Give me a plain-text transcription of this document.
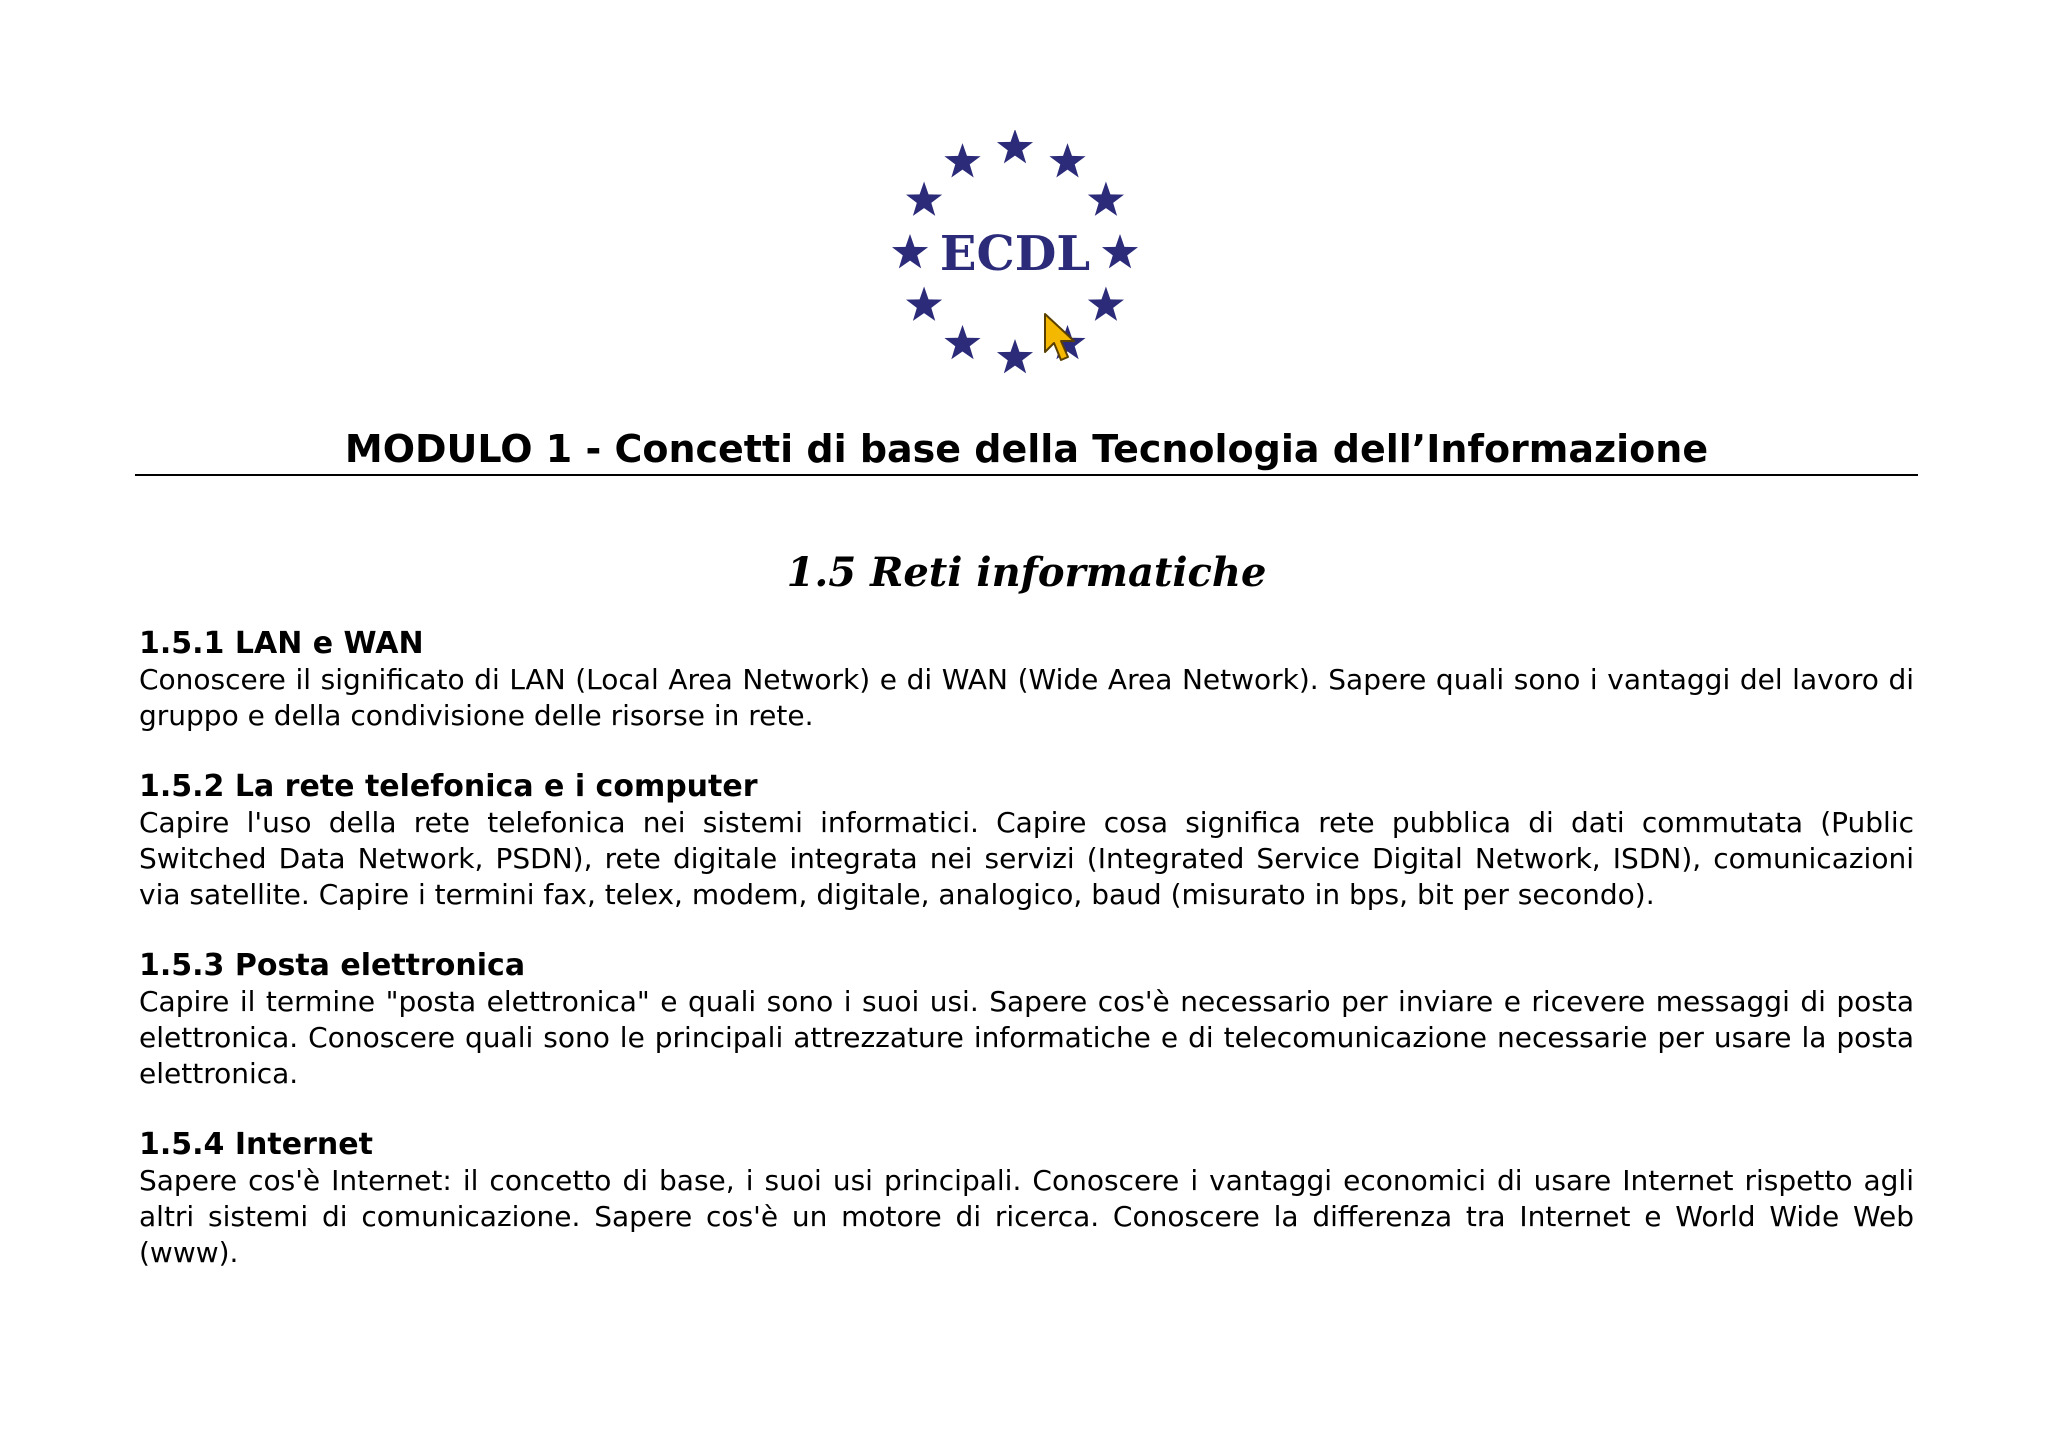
ECDL
MODULO 1 - Concetti di base della Tecnologia dell’Informazione
1.5 Reti informatiche
1.5.1 LAN e WAN
Conoscere il significato di LAN (Local Area Network) e di WAN (Wide Area Network). Sapere quali sono i vantaggi del lavoro di gruppo e della condivisione delle risorse in rete.
1.5.2 La rete telefonica e i computer
Capire l'uso della rete telefonica nei sistemi informatici. Capire cosa significa rete pubblica di dati commutata (Public Switched Data Network, PSDN), rete digitale integrata nei servizi (Integrated Service Digital Network, ISDN), comunicazioni via satellite. Capire i termini fax, telex, modem, digitale, analogico, baud (misurato in bps, bit per secondo).
1.5.3 Posta elettronica
Capire il termine "posta elettronica" e quali sono i suoi usi. Sapere cos'è necessario per inviare e ricevere messaggi di posta elettronica. Conoscere quali sono le principali attrezzature informatiche e di telecomunicazione necessarie per usare la posta elettronica.
1.5.4 Internet
Sapere cos'è Internet: il concetto di base, i suoi usi principali. Conoscere i vantaggi economici di usare Internet rispetto agli altri sistemi di comunicazione. Sapere cos'è un motore di ricerca. Conoscere la differenza tra Internet e World Wide Web (www).
